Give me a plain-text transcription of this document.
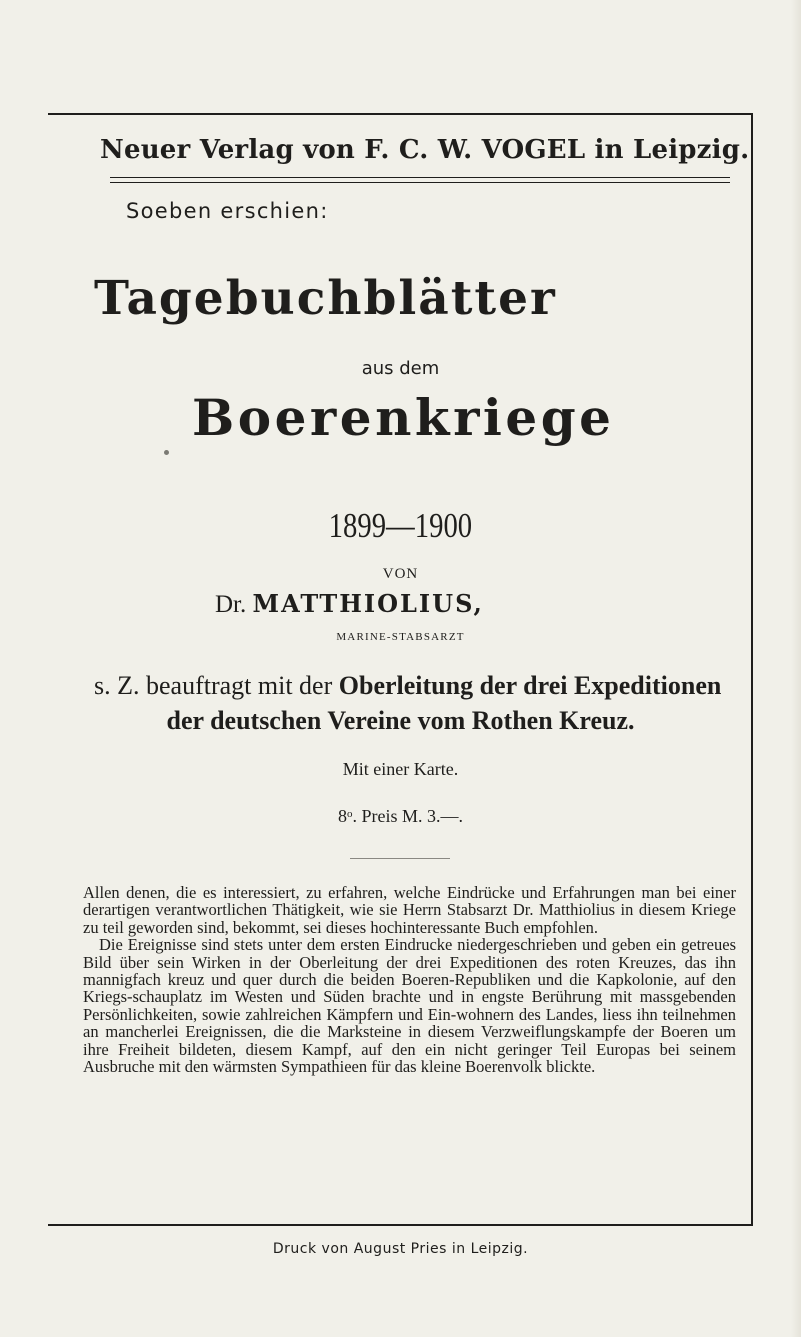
Neuer Verlag von F. C. W. VOGEL in Leipzig.
Soeben erschien:
Tagebuchblätter
aus dem
Boerenkriege
1899—1900
VON
Dr. MATTHIOLIUS,
MARINE-STABSARZT
s. Z. beauftragt mit der Oberleitung der drei Expeditionen
der deutschen Vereine vom Rothen Kreuz.
Mit einer Karte.
8$^o$. Preis M. 3.—.

Allen denen, die es interessiert, zu erfahren, welche Eindrücke und Erfahrungen man bei einer derartigen verantwortlichen Thätigkeit, wie sie Herrn Stabsarzt Dr. Matthiolius in diesem Kriege zu teil geworden sind, bekommt, sei dieses hochinteressante Buch empfohlen.

Die Ereignisse sind stets unter dem ersten Eindrucke niedergeschrieben und geben ein getreues Bild über sein Wirken in der Oberleitung der drei Expeditionen des roten Kreuzes, das ihn mannigfach kreuz und quer durch die beiden Boeren-Republiken und die Kapkolonie, auf den Kriegs-schauplatz im Westen und Süden brachte und in engste Berührung mit massgebenden Persönlichkeiten, sowie zahlreichen Kämpfern und Ein-wohnern des Landes, liess ihn teilnehmen an mancherlei Ereignissen, die die Marksteine in diesem Verzweiflungskampfe der Boeren um ihre Freiheit bildeten, diesem Kampf, auf den ein nicht geringer Teil Europas bei seinem Ausbruche mit den wärmsten Sympathieen für das kleine Boerenvolk blickte.

Druck von August Pries in Leipzig.
